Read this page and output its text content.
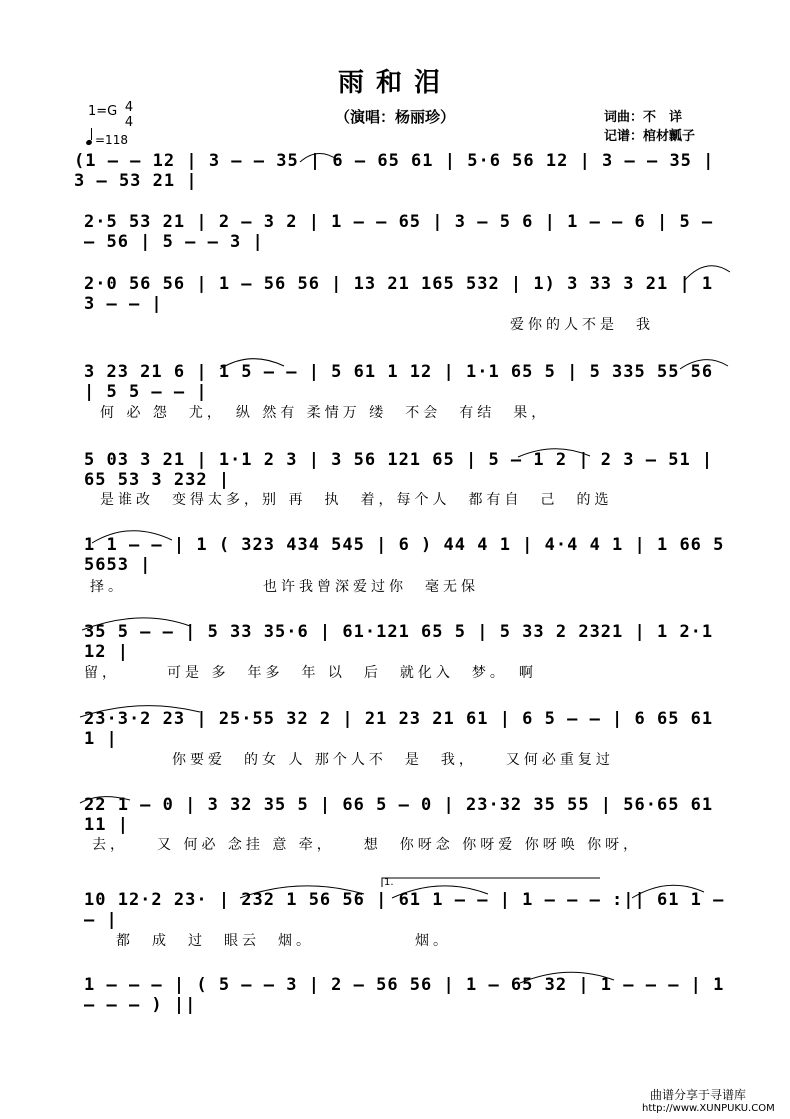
雨和泪
（演唱：杨丽珍）
1=G 4
4
=118
词曲：不　详
记谱：棺材瓤子
(1 – – 12 | 3 – – 35 | 6 – 65 61 | 5·6 56 12 | 3 – – 35 | 3 – 53 21 |
2·5 53 21 | 2 – 3 2 | 1 – – 65 | 3 – 5 6 | 1 – – 6 | 5 – – 56 | 5 – – 3 |
2·0 56 56 | 1 – 56 56 | 13 21 165 532 | 1) 3 33 3 21 | 1 3 – – |
爱你的人不是　我
3 23 21 6 | 1 5 – – | 5 61 1 12 | 1·1 65 5 | 5 335 55 56 | 5 5 – – |
何 必 怨　尤，　纵 然有 柔情万 缕　不会　有结　果，
5 03 3 21 | 1·1 2 3 | 3 56 121 65 | 5 – 1 2 | 2 3 – 51 | 65 53 3 232 |
是谁改　变得太多，别 再　执　着，每个人　都有自　己　的选
1 1 – – | 1 ( 323 434 545 | 6 ) 44 4 1 | 4·4 4 1 | 1 66 5 5653 |
择。　　　　　　　　也许我曾深爱过你　毫无保
35 5 – – | 5 33 35·6 | 61·121 65 5 | 5 33 2 2321 | 1 2·1 12 |
留，　　　可是 多　年多　年 以　后　就化入　梦。　啊
23·3·2 23 | 25·55 32 2 | 21 23 21 61 | 6 5 – – | 6 65 61 1 |
你要爱　的女 人 那个人不　是　我，　　又何必重复过
22 1 – 0 | 3 32 35 5 | 66 5 – 0 | 23·32 35 55 | 56·65 61 11 |
去，　　又 何必 念挂 意 牵，　　想　你呀念 你呀爱 你呀唤 你呀，
1.
10 12·2 23· | 232 1 56 56 | 61 1 – – | 1 – – – :|| 61 1 – – |
都　成　过　眼云　烟。　　　　　　烟。
1 – – – | ( 5 – – 3 | 2 – 56 56 | 1 – 65 32 | 1 – – – | 1 – – – ) ||
曲谱分享于寻谱库
http://www.XUNPUKU.COM
